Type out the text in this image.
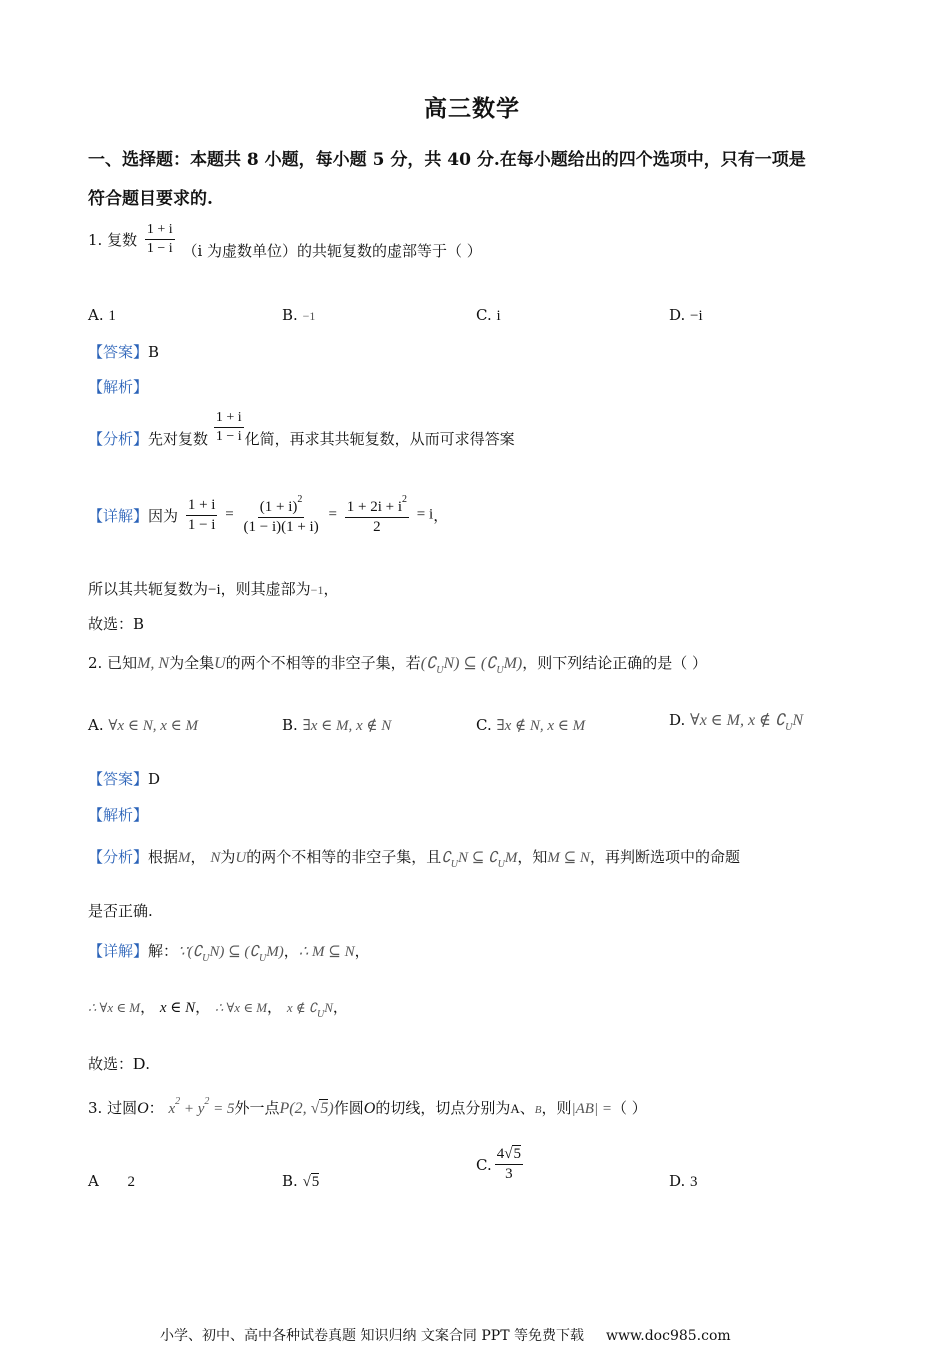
高三数学
一、选择题：本题共 8 小题，每小题 5 分，共 40 分.在每小题给出的四个选项中，只有一项是
符合题目要求的.
1. 复数 $\frac{1 + i}{1 - i} (i$ 为虚数单位）的共轭复数的虚部等于（ ）
A. 1	B. −1	C. i	D. −i
【答案】B
【解析】
【分析】先对复数 $\frac{1 + i}{1 - i}$ 化简，再求其共轭复数，从而可求得答案
【详解】因为 $\frac{1 + i}{1 - i} = \frac{(1 + i)^2}{(1 - i)(1 + i)} = \frac{1 + 2i + i^2}{2} = i$，
所以其共轭复数为−i，则其虚部为−1，
故选：B
2. 已知M, N为全集U的两个不相等的非空子集，若$(∁_UN)$ ⊆ $(∁_UM)$，则下列结论正确的是（ ）
A. ∀x ∈ N, x ∈ M	B. ∃x ∈ M, x ∉ N	C. ∃x ∉ N, x ∈ M	D. ∀x ∈ M, x ∉ $∁_UN$
【答案】D
【解析】
【分析】根据M， N为U的两个不相等的非空子集，且$∁_UN$ ⊆ $∁_UM$，知M ⊆ N，再判断选项中的命题
是否正确.
【详解】解：$\because(∁_UN)$ ⊆ $(∁_UM)$，∴ M ⊆ N，
∴ ∀x ∈ M， x ∈ N， ∴ ∀x ∈ M， x ∉ $∁_UN$，
故选：D.
3. 过圆O： $x^2 + y^2 = 5$外一点P(2, √5)作圆O的切线，切点分别为A、B，则|AB| =（ ）
A      2	B. √5
C. $\frac{4√5}{3}$	D. 3
小学、初中、高中各种试卷真题 知识归纳 文案合同 PPT 等免费下载 www.doc985.com
